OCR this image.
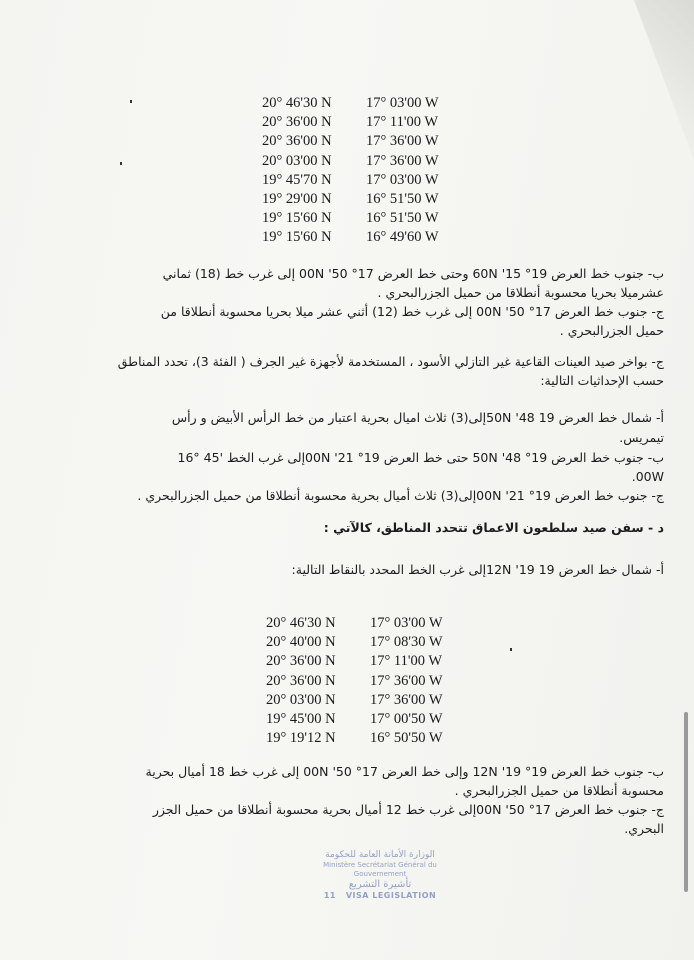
20° 46'30 N	17° 03'00 W
20° 36'00 N	17° 11'00 W
20° 36'00 N	17° 36'00 W
20° 03'00 N	17° 36'00 W
19° 45'70 N	17° 03'00 W
19° 29'00 N	16° 51'50 W
19° 15'60 N	16° 51'50 W
19° 15'60 N	16° 49'60 W
ب- جنوب خط العرض 60N '15 °19 وحتى خط العرض 00N '50 °17 إلى غرب خط (18) ثماني
عشرميلا بحريا محسوبة أنطلاقا من حميل الجزرالبحري .
ج- جنوب خط العرض 00N '50 °17 إلى غرب خط (12) أثني عشر ميلا بحريا محسوبة أنطلاقا من
حميل الجزرالبحري .
ج- بواخر صيد العينات القاعية غير التازلي الأسود ، المستخدمة لأجهزة غير الجرف ( الفئة 3)، تحدد المناطق
حسب الإحداثيات التالية:
أ- شمال خط العرض 50N '48 19إلى(3) ثلاث اميال بحرية اعتبار من خط الرأس الأبيض و رأس
تيمريس.
ب- جنوب خط العرض 50N '48 °19 حتى خط العرض 00N '21 °19إلى غرب الخط '45 °16
.00W
ج- جنوب خط العرض 00N '21 °19إلى(3) ثلاث أميال بحرية محسوبة أنطلاقا من حميل الجزرالبحري .
د - سفن صيد سلطعون الاعماق تتحدد المناطق، كالآتي :
أ- شمال خط العرض 12N '19 19إلى غرب الخط المحدد بالنقاط التالية:
20° 46'30 N	17° 03'00 W
20° 40'00 N	17° 08'30 W
20° 36'00 N	17° 11'00 W
20° 36'00 N	17° 36'00 W
20° 03'00 N	17° 36'00 W
19° 45'00 N	17° 00'50 W
19° 19'12 N	16° 50'50 W
ب- جنوب خط العرض 12N '19 °19 وإلى خط العرض 00N '50 °17 إلى غرب خط 18 أميال بحرية
محسوبة أنطلاقا من حميل الجزرالبحري .
ج- جنوب خط العرض 00N '50 °17إلى غرب خط 12 أميال بحرية محسوبة أنطلاقا من حميل الجزر
البحري.
الوزارة الأمانة العامة للحكومة
Ministère Secrétariat Général du Gouvernement
تأشيرة التشريع
11 VISA LEGISLATION
